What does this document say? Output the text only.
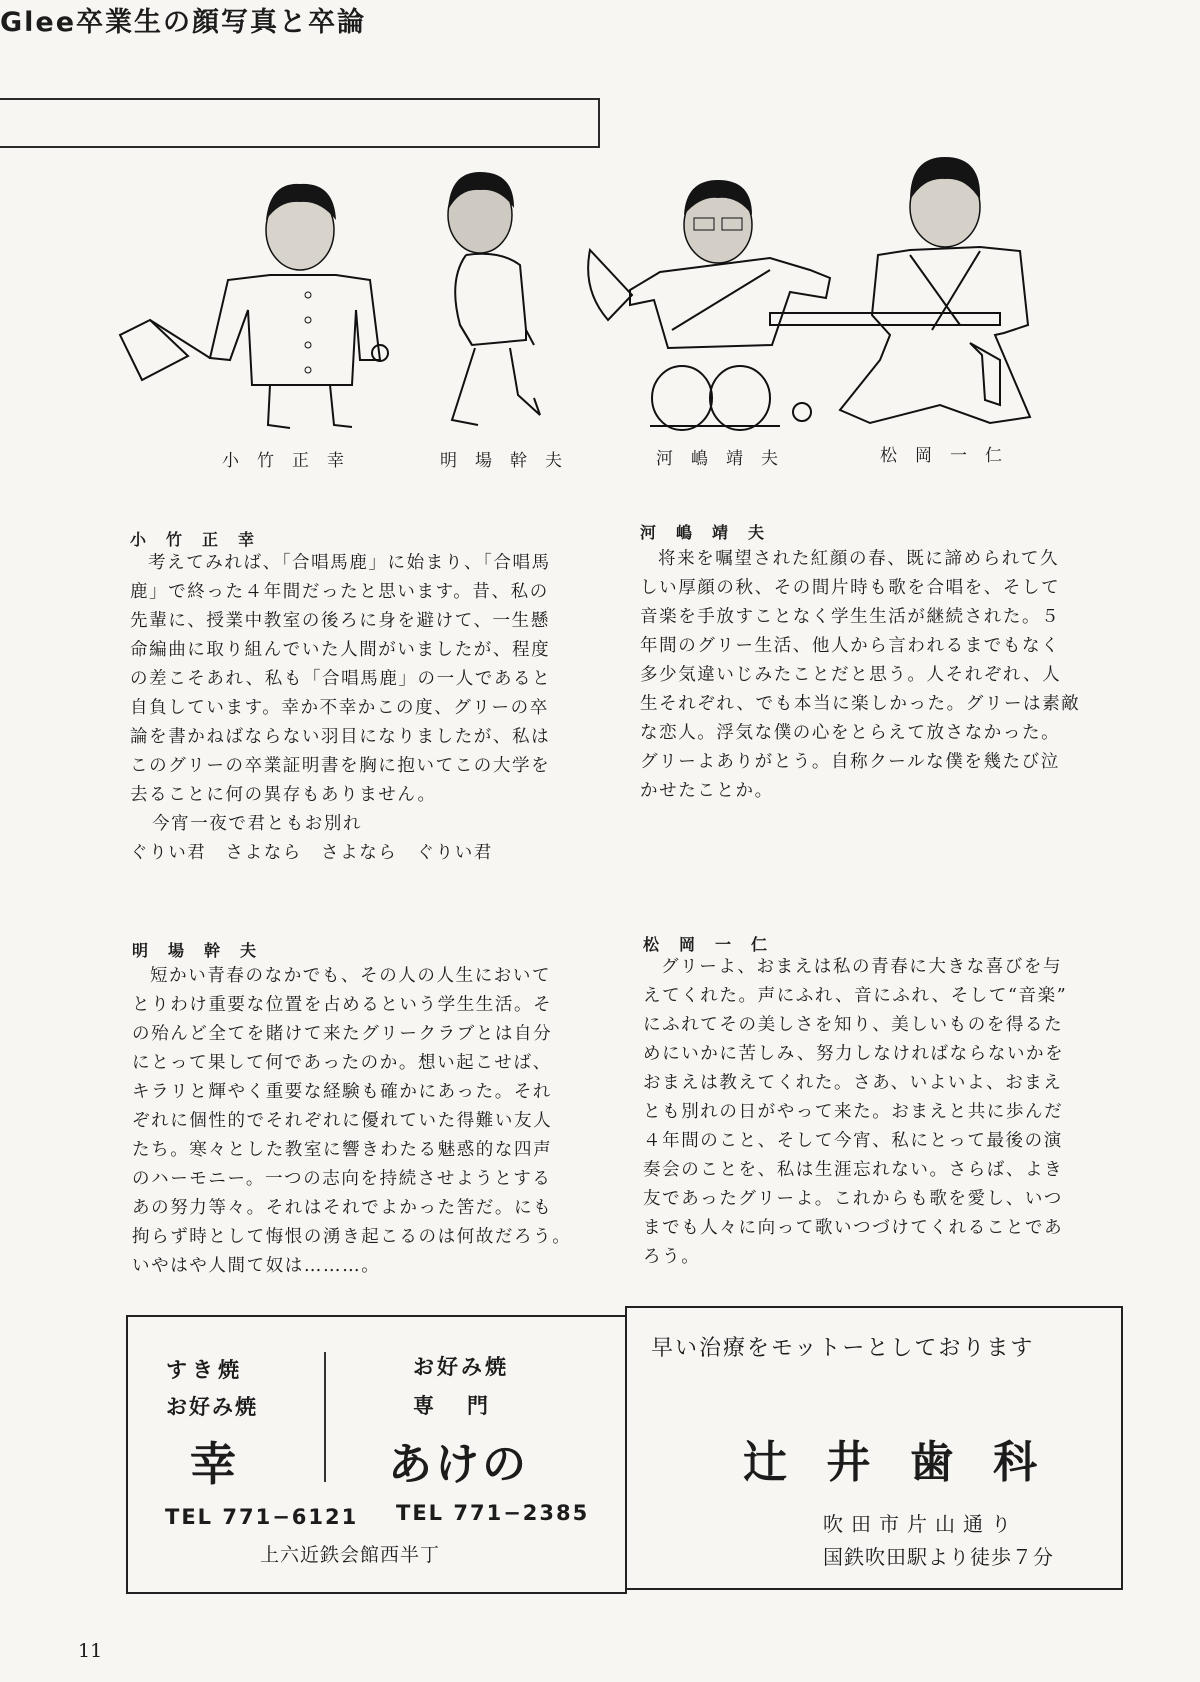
Glee卒業生の顔写真と卒論
小竹正幸	明場幹夫	河嶋靖夫	松岡一仁
小竹正幸
考えてみれば、「合唱馬鹿」に始まり、「合唱馬
鹿」で終った４年間だったと思います。昔、私の
先輩に、授業中教室の後ろに身を避けて、一生懸
命編曲に取り組んでいた人間がいましたが、程度
の差こそあれ、私も「合唱馬鹿」の一人であると
自負しています。幸か不幸かこの度、グリーの卒
論を書かねばならない羽目になりましたが、私は
このグリーの卒業証明書を胸に抱いてこの大学を
去ることに何の異存もありません。
今宵一夜で君ともお別れ
ぐりい君　さよなら　さよなら　ぐりい君
河嶋靖夫
将来を嘱望された紅顔の春、既に諦められて久
しい厚顔の秋、その間片時も歌を合唱を、そして
音楽を手放すことなく学生生活が継続された。５
年間のグリー生活、他人から言われるまでもなく
多少気違いじみたことだと思う。人それぞれ、人
生それぞれ、でも本当に楽しかった。グリーは素敵
な恋人。浮気な僕の心をとらえて放さなかった。
グリーよありがとう。自称クールな僕を幾たび泣
かせたことか。
明場幹夫
短かい青春のなかでも、その人の人生において
とりわけ重要な位置を占めるという学生生活。そ
の殆んど全てを賭けて来たグリークラブとは自分
にとって果して何であったのか。想い起こせば、
キラリと輝やく重要な経験も確かにあった。それ
ぞれに個性的でそれぞれに優れていた得難い友人
たち。寒々とした教室に響きわたる魅惑的な四声
のハーモニー。一つの志向を持続させようとする
あの努力等々。それはそれでよかった筈だ。にも
拘らず時として悔恨の湧き起こるのは何故だろう。
いやはや人間て奴は………。
松岡一仁
グリーよ、おまえは私の青春に大きな喜びを与
えてくれた。声にふれ、音にふれ、そして“音楽”
にふれてその美しさを知り、美しいものを得るた
めにいかに苦しみ、努力しなければならないかを
おまえは教えてくれた。さあ、いよいよ、おまえ
とも別れの日がやって来た。おまえと共に歩んだ
４年間のこと、そして今宵、私にとって最後の演
奏会のことを、私は生涯忘れない。さらば、よき
友であったグリーよ。これからも歌を愛し、いつ
までも人々に向って歌いつづけてくれることであ
ろう。
すき焼
お好み焼
幸
お好み焼
専　門
あけの
TEL 771−6121 TEL 771−2385
上六近鉄会館西半丁
早い治療をモットーとしております
辻 井 歯 科
吹田市片山通り
国鉄吹田駅より徒歩７分
11
